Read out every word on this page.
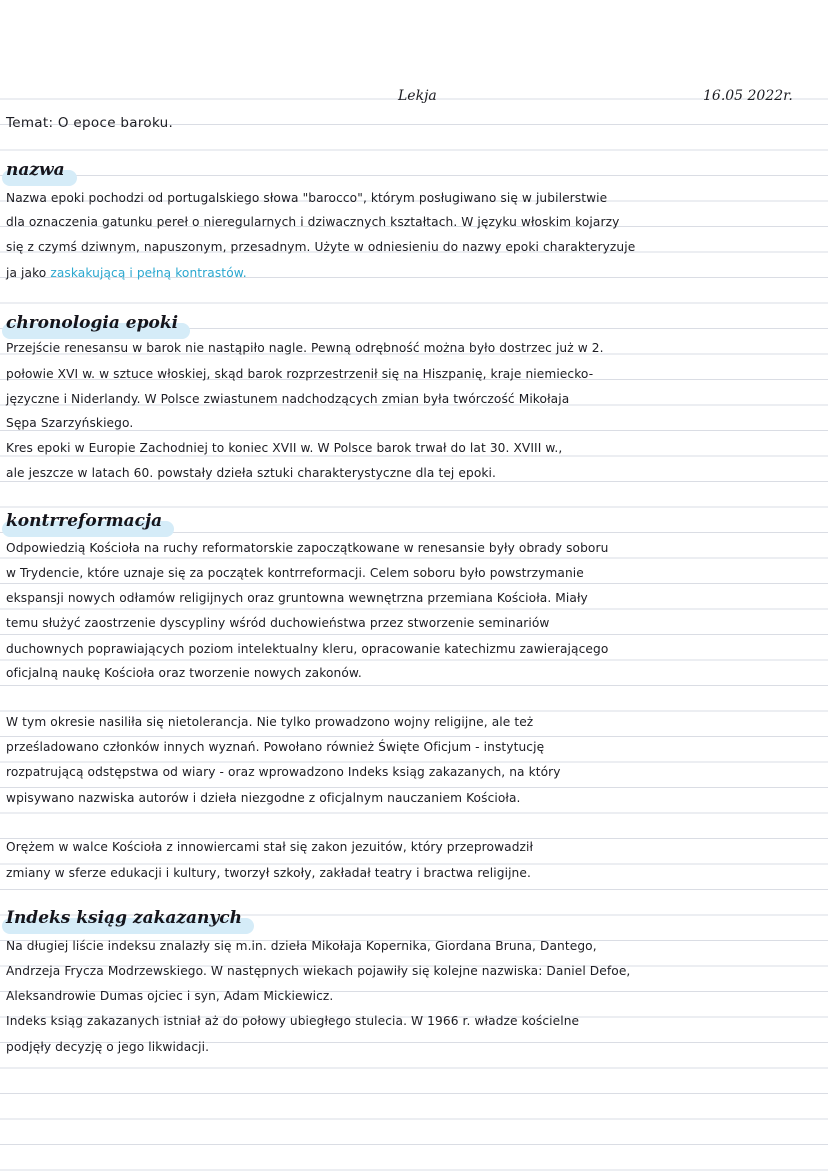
Lekja	16.05 2022r.
Temat: O epoce baroku.
nazwa
Nazwa epoki pochodzi od portugalskiego słowa "barocco", którym posługiwano się w jubilerstwie
dla oznaczenia gatunku pereł o nieregularnych i dziwacznych kształtach. W języku włoskim kojarzy
się z czymś dziwnym, napuszonym, przesadnym. Użyte w odniesieniu do nazwy epoki charakteryzuje
ja jako zaskakującą i pełną kontrastów.
chronologia epoki
Przejście renesansu w barok nie nastąpiło nagle. Pewną odrębność można było dostrzec już w 2.
połowie XVI w. w sztuce włoskiej, skąd barok rozprzestrzenił się na Hiszpanię, kraje niemiecko-
języczne i Niderlandy. W Polsce zwiastunem nadchodzących zmian była twórczość Mikołaja
Sępa Szarzyńskiego.
Kres epoki w Europie Zachodniej to koniec XVII w. W Polsce barok trwał do lat 30. XVIII w.,
ale jeszcze w latach 60. powstały dzieła sztuki charakterystyczne dla tej epoki.
kontrreformacja
Odpowiedzią Kościoła na ruchy reformatorskie zapoczątkowane w renesansie były obrady soboru
w Trydencie, które uznaje się za początek kontrreformacji. Celem soboru było powstrzymanie
ekspansji nowych odłamów religijnych oraz gruntowna wewnętrzna przemiana Kościoła. Miały
temu służyć zaostrzenie dyscypliny wśród duchowieństwa przez stworzenie seminariów
duchownych poprawiających poziom intelektualny kleru, opracowanie katechizmu zawierającego
oficjalną naukę Kościoła oraz tworzenie nowych zakonów.
W tym okresie nasiliła się nietolerancja. Nie tylko prowadzono wojny religijne, ale też
prześladowano członków innych wyznań. Powołano również Święte Oficjum - instytucję
rozpatrującą odstępstwa od wiary - oraz wprowadzono Indeks ksiąg zakazanych, na który
wpisywano nazwiska autorów i dzieła niezgodne z oficjalnym nauczaniem Kościoła.
Orężem w walce Kościoła z innowiercami stał się zakon jezuitów, który przeprowadził
zmiany w sferze edukacji i kultury, tworzył szkoły, zakładał teatry i bractwa religijne.
Indeks ksiąg zakazanych
Na długiej liście indeksu znalazły się m.in. dzieła Mikołaja Kopernika, Giordana Bruna, Dantego,
Andrzeja Frycza Modrzewskiego. W następnych wiekach pojawiły się kolejne nazwiska: Daniel Defoe,
Aleksandrowie Dumas ojciec i syn, Adam Mickiewicz.
Indeks ksiąg zakazanych istniał aż do połowy ubiegłego stulecia. W 1966 r. władze kościelne
podjęły decyzję o jego likwidacji.
